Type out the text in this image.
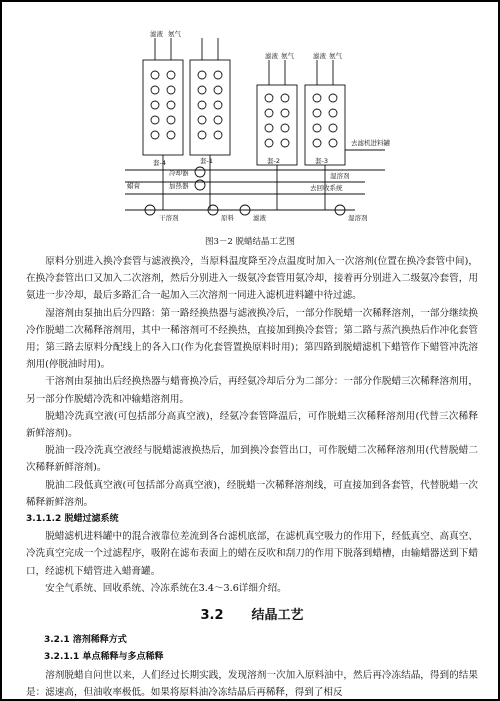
滤液 氨气
滤液 氨气	滤液 氨气
套-4	套-1	套-2	套-3
冷却器
加热器
蜡膏
干溶剂	原料	滤液	湿溶剂
去滤机进料罐
去回收系统
湿溶剂
图3－2 脱蜡结晶工艺图

原料分别进入换冷套管与滤液换冷，当原料温度降至冷点温度时加入一次溶剂(位置在换冷套管中间)，在换冷套管出口又加入二次溶剂，然后分别进入一级氨冷套管用氨冷却，接着再分别进入二级氨冷套管，用氨进一步冷却，最后多路汇合一起加入三次溶剂一同进入滤机进料罐中待过滤。

湿溶剂由泵抽出后分四路：第一路经换热器与滤液换冷后，一部分作脱蜡一次稀释溶剂，一部分继续换冷作脱蜡二次稀释溶剂用，其中一稀溶剂可不经换热，直接加到换冷套管；第二路与蒸汽换热后作冲化套管用；第三路去原料分配线上的各入口(作为化套管置换原料时用)；第四路到脱蜡滤机下蜡管作下蜡管冲洗溶剂用(停脱油时用)。

干溶剂由泵抽出后经换热器与蜡膏换冷后，再经氨冷却后分为二部分：一部分作脱蜡三次稀释溶剂用，另一部分作脱蜡冷洗和冲输蜡溶剂用。

脱蜡冷洗真空液(可包括部分高真空液)，经氨冷套管降温后，可作脱蜡三次稀释溶剂用(代替三次稀释新鲜溶剂)。

脱油一段冷洗真空液经与脱蜡滤液换热后，加到换冷套管出口，可作脱蜡二次稀释溶剂用(代替脱蜡二次稀释新鲜溶剂)。

脱油二段低真空液(可包括部分高真空液)，经脱蜡一次稀释溶剂线，可直接加到各套管，代替脱蜡一次稀释新鲜溶剂。

3.1.1.2 脱蜡过滤系统

脱蜡滤机进料罐中的混合液靠位差流到各台滤机底部，在滤机真空吸力的作用下，经低真空、高真空、冷洗真空完成一个过滤程序，吸附在滤布表面上的蜡在反吹和刮刀的作用下脱落到蜡槽，由输蜡器送到下蜡口，经滤机下蜡管进入蜡膏罐。

安全气系统、回收系统、冷冻系统在3.4～3.6详细介绍。

3.2 结晶工艺

3.2.1 溶剂稀释方式

3.2.1.1 单点稀释与多点稀释

溶剂脱蜡自问世以来，人们经过长期实践，发现溶剂一次加入原料油中，然后再冷冻结晶，得到的结果是：滤速高，但油收率极低。如果将原料油冷冻结晶后再稀释，得到了相反
